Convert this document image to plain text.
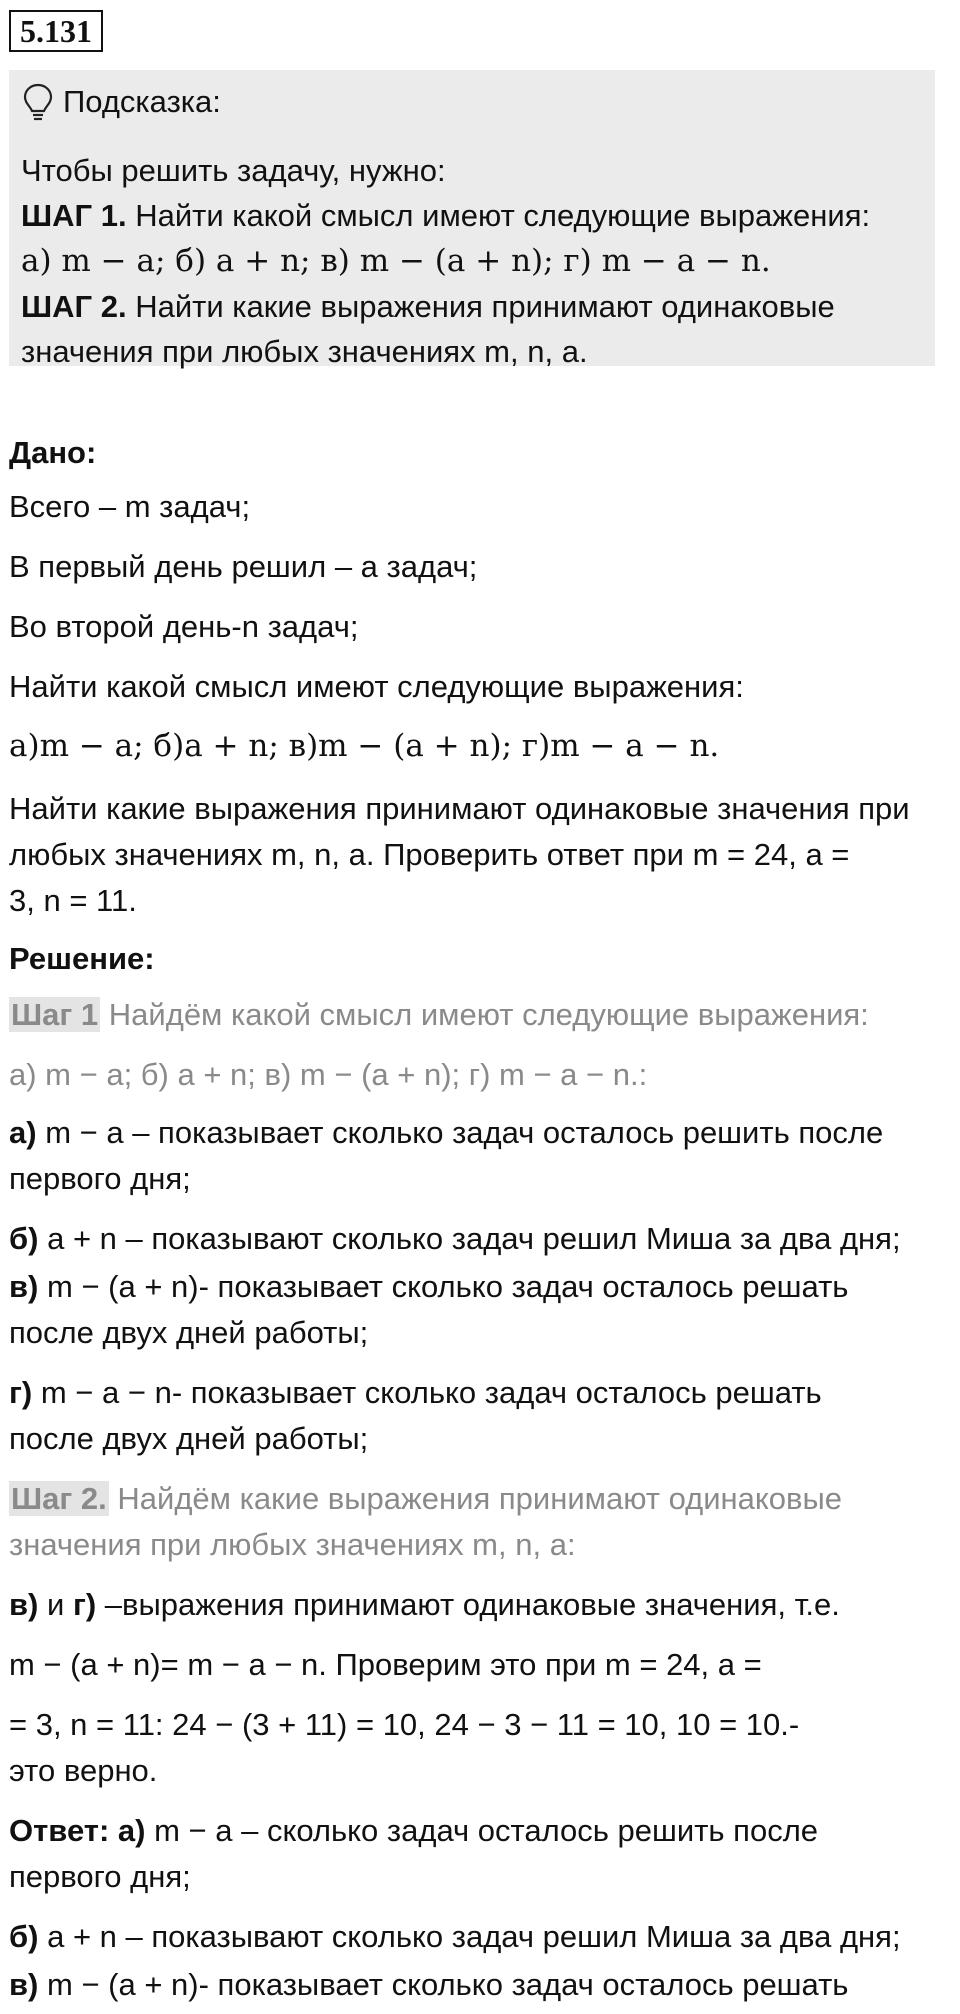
5.131
Подсказка:

Чтобы решить задачу, нужно:

ШАГ 1. Найти какой смысл имеют следующие выражения:

а) m − a; б) a + n; в) m − (a + n); г) m − a − n.

ШАГ 2. Найти какие выражения принимают одинаковые

значения при любых значениях m, n, a.

Дано:
Всего – m задач;
В первый день решил – a задач;
Во второй день-n задач;
Найти какой смысл имеют следующие выражения:
а)m − a; б)a + n; в)m − (a + n); г)m − a − n.
Найти какие выражения принимают одинаковые значения при
любых значениях m, n, a. Проверить ответ при m = 24, a =
3, n = 11.
Решение:
Шаг 1 Найдём какой смысл имеют следующие выражения:
а) m − a; б) a + n; в) m − (a + n); г) m − a − n.:
а) m − a – показывает сколько задач осталось решить после
первого дня;
б) a + n – показывают сколько задач решил Миша за два дня;
в) m − (a + n)- показывает сколько задач осталось решать
после двух дней работы;
г) m − a − n- показывает сколько задач осталось решать
после двух дней работы;
Шаг 2. Найдём какие выражения принимают одинаковые
значения при любых значениях m, n, a:
в) и г) –выражения принимают одинаковые значения, т.е.
m − (a + n)= m − a − n. Проверим это при m = 24, a =
= 3, n = 11: 24 − (3 + 11) = 10, 24 − 3 − 11 = 10, 10 = 10.-
это верно.
Ответ: а) m − a – сколько задач осталось решить после
первого дня;
б) a + n – показывают сколько задач решил Миша за два дня;
в) m − (a + n)- показывает сколько задач осталось решать
